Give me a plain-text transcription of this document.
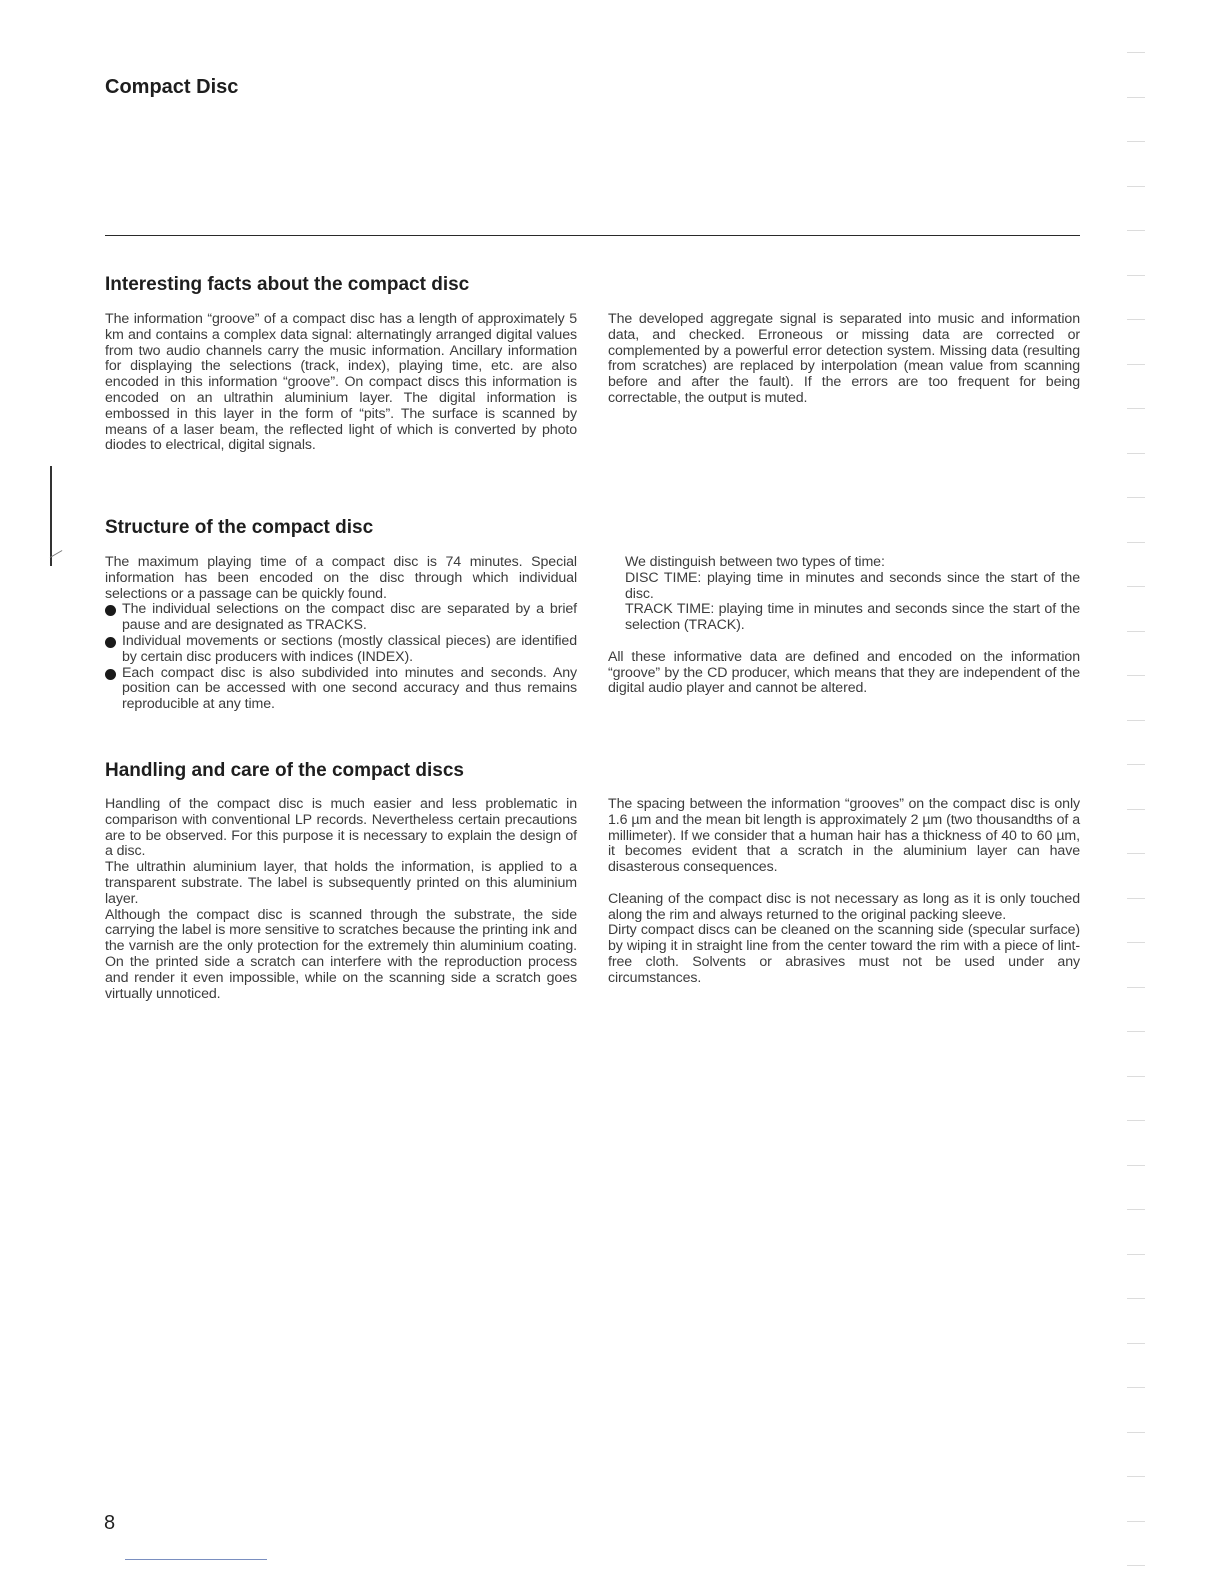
Compact Disc
Interesting facts about the compact disc

The information “groove” of a compact disc has a length of approximately 5 km and contains a complex data signal: alternatingly arranged digital values from two audio channels carry the music information. Ancillary information for displaying the selections (track, index), playing time, etc. are also encoded in this information “groove”. On compact discs this information is encoded on an ultrathin aluminium layer. The digital information is embossed in this layer in the form of “pits”. The surface is scanned by means of a laser beam, the reflected light of which is converted by photo diodes to electrical, digital signals.

The developed aggregate signal is separated into music and information data, and checked. Erroneous or missing data are corrected or complemented by a powerful error detection system. Missing data (resulting from scratches) are replaced by interpolation (mean value from scanning before and after the fault). If the errors are too frequent for being correctable, the output is muted.

Structure of the compact disc

The maximum playing time of a compact disc is 74 minutes. Special information has been encoded on the disc through which individual selections or a passage can be quickly found.

The individual selections on the compact disc are separated by a brief pause and are designated as TRACKS.
Individual movements or sections (mostly classical pieces) are identified by certain disc producers with indices (INDEX).
Each compact disc is also subdivided into minutes and seconds. Any position can be accessed with one second accuracy and thus remains reproducible at any time.

We distinguish between two types of time:

DISC TIME: playing time in minutes and seconds since the start of the disc.

TRACK TIME: playing time in minutes and seconds since the start of the selection (TRACK).

All these informative data are defined and encoded on the information “groove” by the CD producer, which means that they are independent of the digital audio player and cannot be altered.

Handling and care of the compact discs

Handling of the compact disc is much easier and less problematic in comparison with conventional LP records. Nevertheless certain precautions are to be observed. For this purpose it is necessary to explain the design of a disc.

The ultrathin aluminium layer, that holds the information, is applied to a transparent substrate. The label is subsequently printed on this aluminium layer.

Although the compact disc is scanned through the substrate, the side carrying the label is more sensitive to scratches because the printing ink and the varnish are the only protection for the extremely thin aluminium coating. On the printed side a scratch can interfere with the reproduction process and render it even impossible, while on the scanning side a scratch goes virtually unnoticed.

The spacing between the information “grooves” on the compact disc is only 1.6 µm and the mean bit length is approximately 2 µm (two thousandths of a millimeter). If we consider that a human hair has a thickness of 40 to 60 µm, it becomes evident that a scratch in the aluminium layer can have disasterous consequences.

Cleaning of the compact disc is not necessary as long as it is only touched along the rim and always returned to the original packing sleeve.

Dirty compact discs can be cleaned on the scanning side (specular surface) by wiping it in straight line from the center toward the rim with a piece of lint-free cloth. Solvents or abrasives must not be used under any circumstances.

8
